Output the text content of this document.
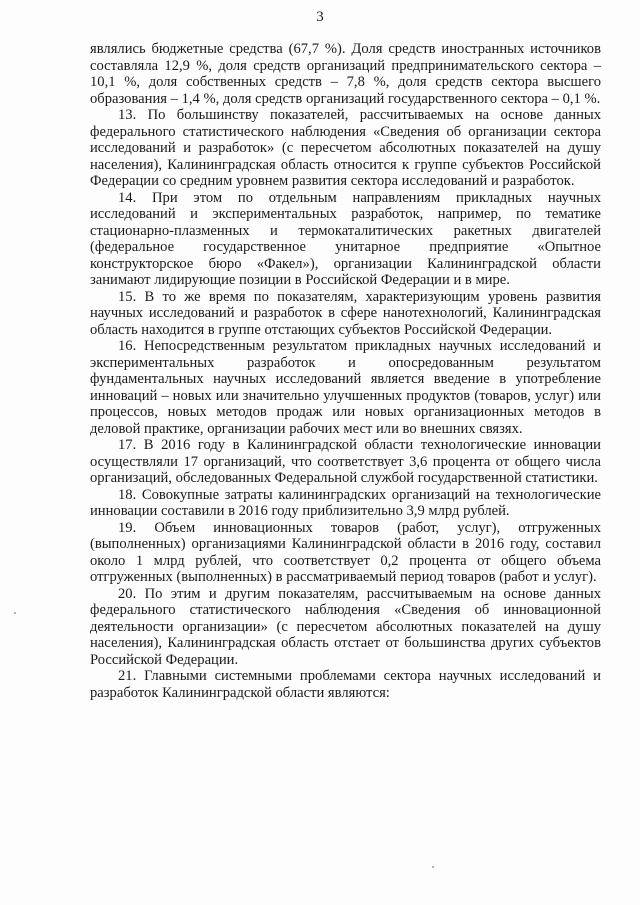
3

являлись бюджетные средства (67,7 %). Доля средств иностранных источников составляла 12,9 %, доля средств организаций предпринимательского сектора – 10,1 %, доля собственных средств – 7,8 %, доля средств сектора высшего образования – 1,4 %, доля средств организаций государственного сектора – 0,1 %.

13. По большинству показателей, рассчитываемых на основе данных федерального статистического наблюдения «Сведения об организации сектора исследований и разработок» (с пересчетом абсолютных показателей на душу населения), Калининградская область относится к группе субъектов Российской Федерации со средним уровнем развития сектора исследований и разработок.

14. При этом по отдельным направлениям прикладных научных исследований и экспериментальных разработок, например, по тематике стационарно-плазменных и термокаталитических ракетных двигателей (федеральное государственное унитарное предприятие «Опытное конструкторское бюро «Факел»), организации Калининградской области занимают лидирующие позиции в Российской Федерации и в мире.

15. В то же время по показателям, характеризующим уровень развития научных исследований и разработок в сфере нанотехнологий, Калининградская область находится в группе отстающих субъектов Российской Федерации.

16. Непосредственным результатом прикладных научных исследований и экспериментальных разработок и опосредованным результатом фундаментальных научных исследований является введение в употребление инноваций – новых или значительно улучшенных продуктов (товаров, услуг) или процессов, новых методов продаж или новых организационных методов в деловой практике, организации рабочих мест или во внешних связях.

17. В 2016 году в Калининградской области технологические инновации осуществляли 17 организаций, что соответствует 3,6 процента от общего числа организаций, обследованных Федеральной службой государственной статистики.

18. Совокупные затраты калининградских организаций на технологические инновации составили в 2016 году приблизительно 3,9 млрд рублей.

19. Объем инновационных товаров (работ, услуг), отгруженных (выполненных) организациями Калининградской области в 2016 году, составил около 1 млрд рублей, что соответствует 0,2 процента от общего объема отгруженных (выполненных) в рассматриваемый период товаров (работ и услуг).

20. По этим и другим показателям, рассчитываемым на основе данных федерального статистического наблюдения «Сведения об инновационной деятельности организации» (с пересчетом абсолютных показателей на душу населения), Калининградская область отстает от большинства других субъектов Российской Федерации.

21. Главными системными проблемами сектора научных исследований и разработок Калининградской области являются:
